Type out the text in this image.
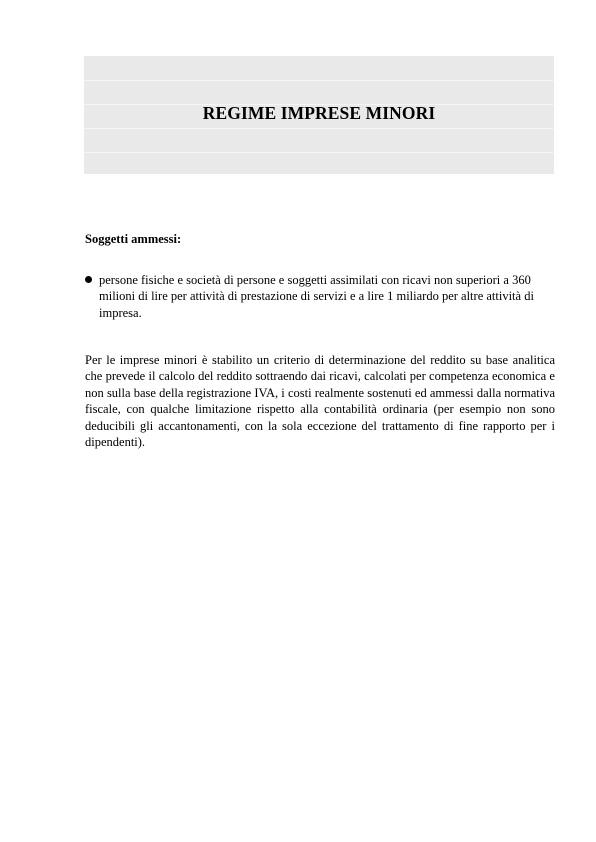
REGIME IMPRESE MINORI
Soggetti ammessi:
persone fisiche e società di persone e soggetti assimilati con ricavi non superiori a 360 milioni di lire per attività di prestazione di servizi e a lire 1 miliardo per altre attività di impresa.

Per le imprese minori è stabilito un criterio di determinazione del reddito su base analitica che prevede il calcolo del reddito sottraendo dai ricavi, calcolati per competenza economica e non sulla base della registrazione IVA, i costi realmente sostenuti ed ammessi dalla normativa fiscale, con qualche limitazione rispetto alla contabilità ordinaria (per esempio non sono deducibili gli accantonamenti, con la sola eccezione del trattamento di fine rapporto per i dipendenti).
